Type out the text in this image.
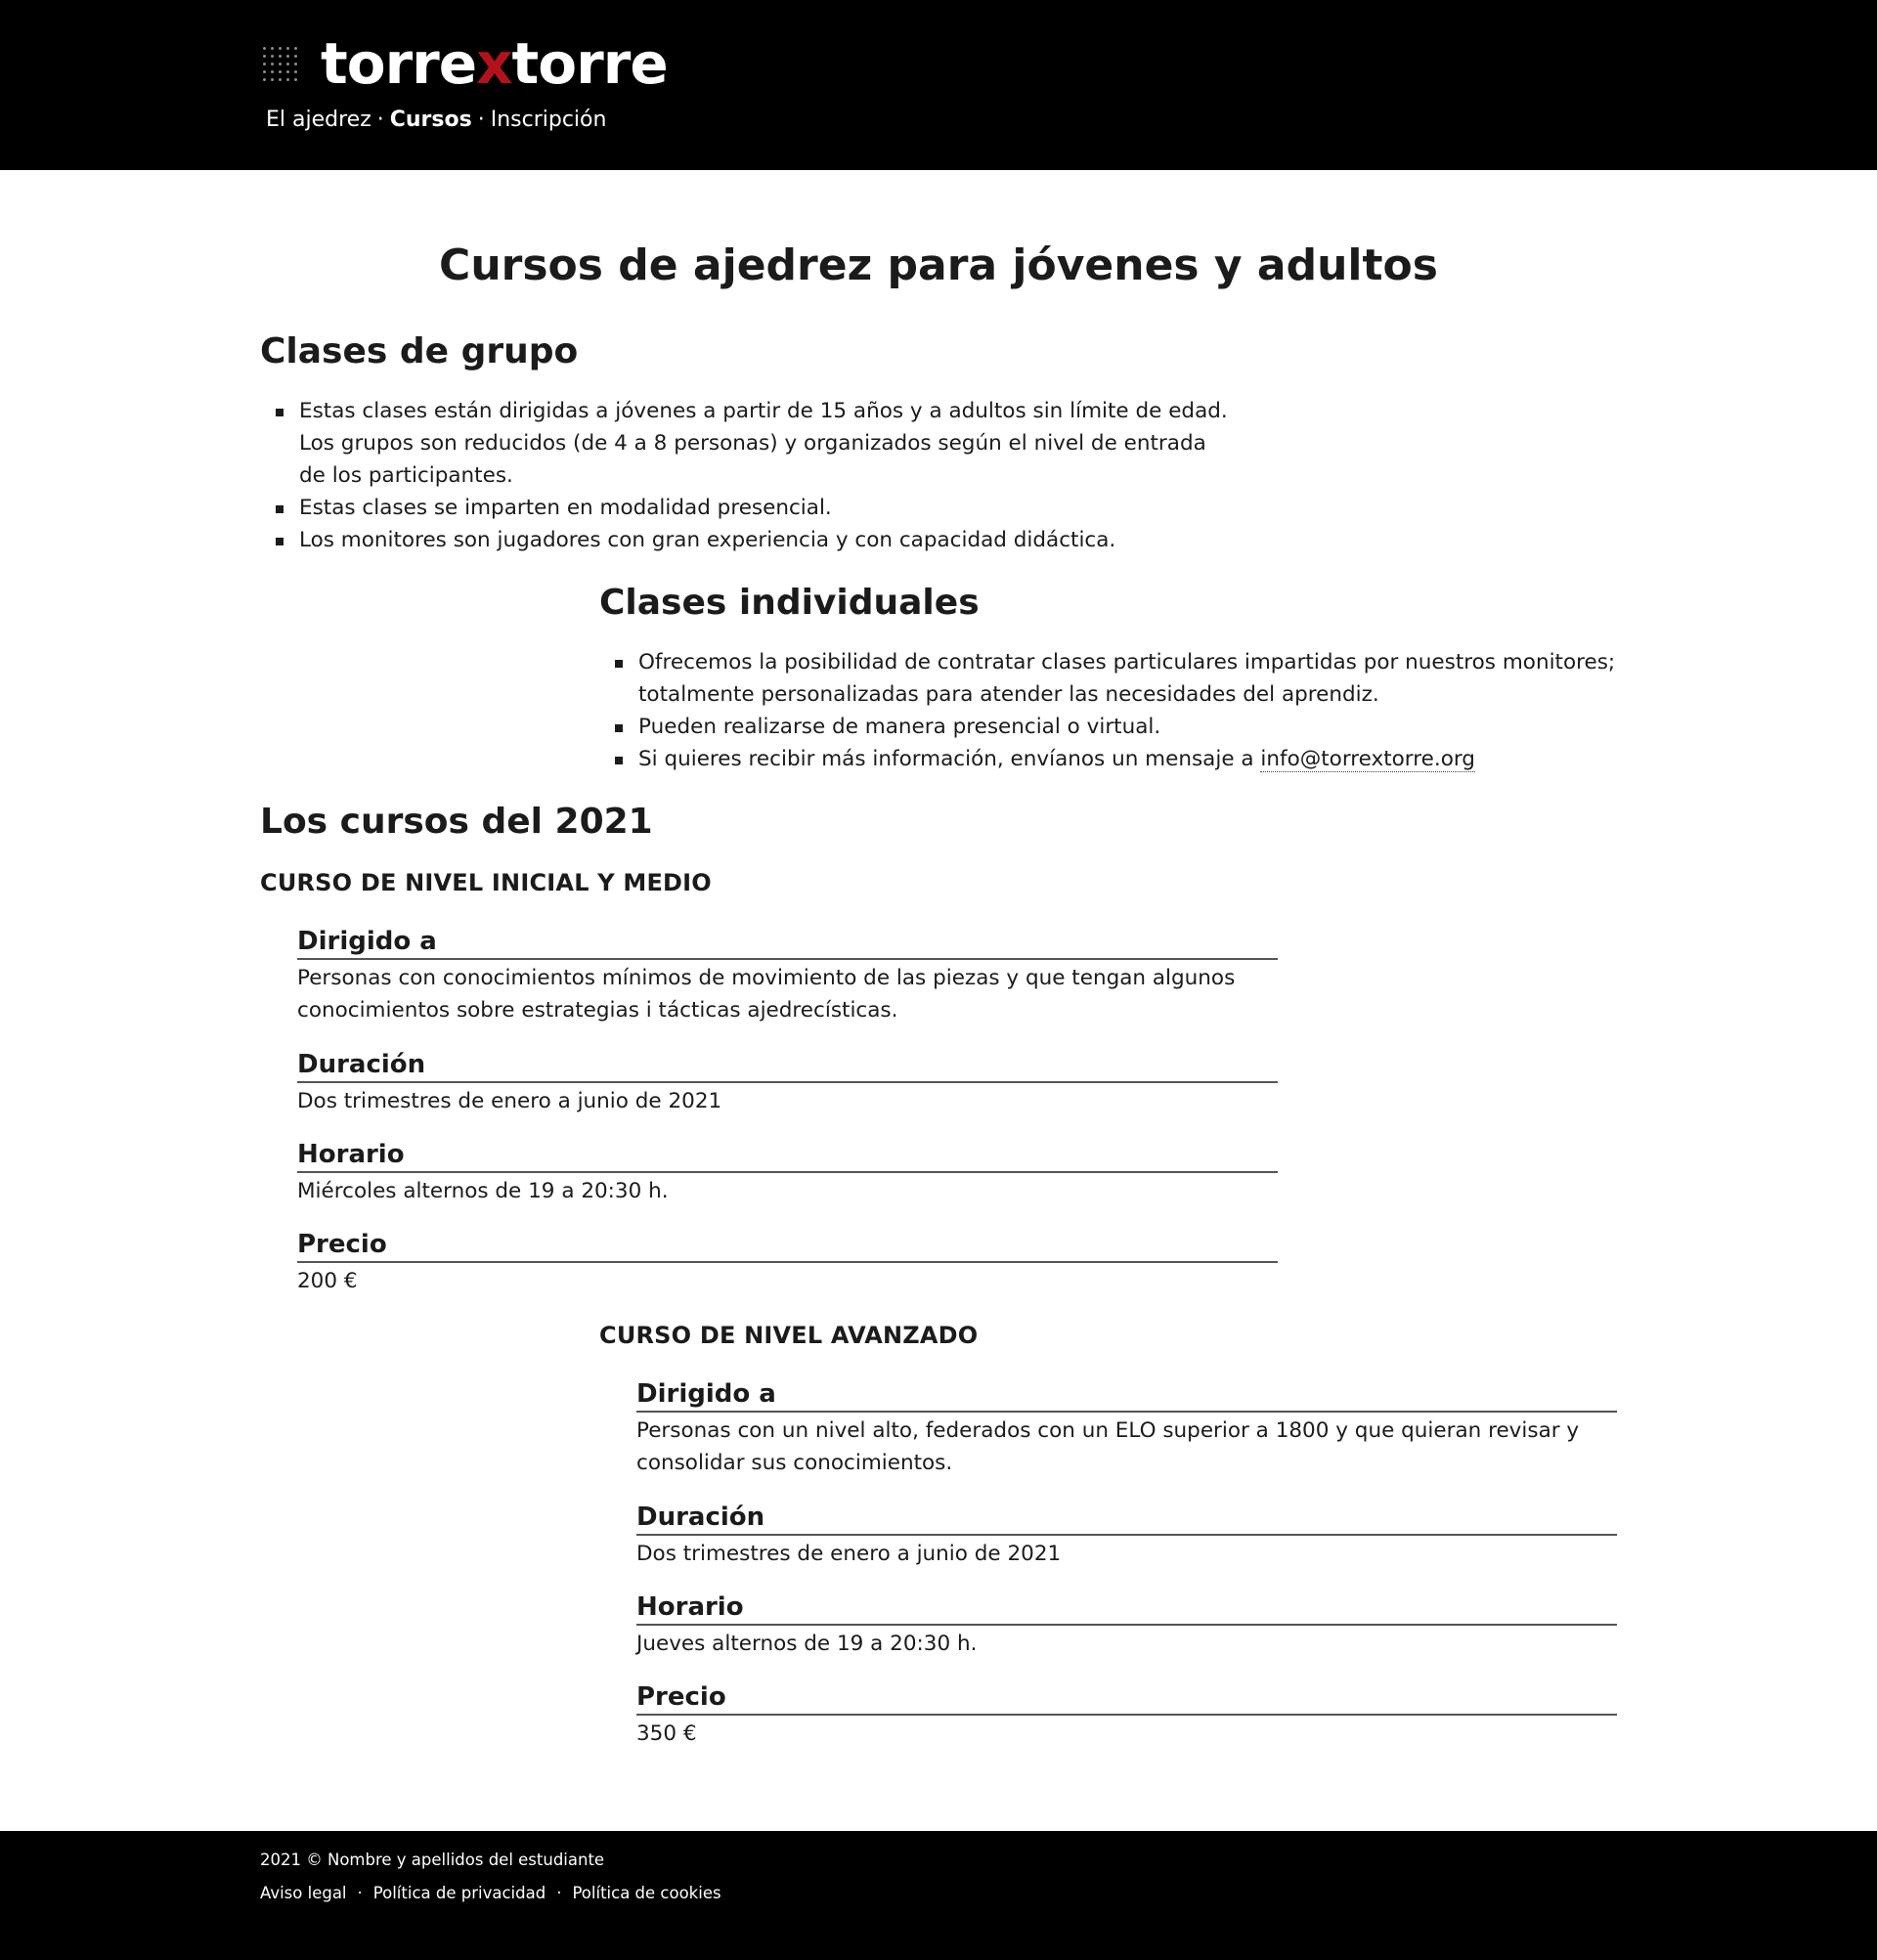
torrextorre
El ajedrez · Cursos · Inscripción
Cursos de ajedrez para jóvenes y adultos
Clases de grupo
Estas clases están dirigidas a jóvenes a partir de 15 años y a adultos sin límite de edad. Los grupos son reducidos (de 4 a 8 personas) y organizados según el nivel de entrada de los participantes.
Estas clases se imparten en modalidad presencial.
Los monitores son jugadores con gran experiencia y con capacidad didáctica.
Clases individuales
Ofrecemos la posibilidad de contratar clases particulares impartidas por nuestros monitores; totalmente personalizadas para atender las necesidades del aprendiz.
Pueden realizarse de manera presencial o virtual.
Si quieres recibir más información, envíanos un mensaje a info@torrextorre.org
Los cursos del 2021
CURSO DE NIVEL INICIAL Y MEDIO
Dirigido a
Personas con conocimientos mínimos de movimiento de las piezas y que tengan algunos conocimientos sobre estrategias i tácticas ajedrecísticas.
Duración
Dos trimestres de enero a junio de 2021
Horario
Miércoles alternos de 19 a 20:30 h.
Precio
200 €
CURSO DE NIVEL AVANZADO
Dirigido a
Personas con un nivel alto, federados con un ELO superior a 1800 y que quieran revisar y consolidar sus conocimientos.
Duración
Dos trimestres de enero a junio de 2021
Horario
Jueves alternos de 19 a 20:30 h.
Precio
350 €
2021 © Nombre y apellidos del estudiante
Aviso legal · Política de privacidad · Política de cookies
